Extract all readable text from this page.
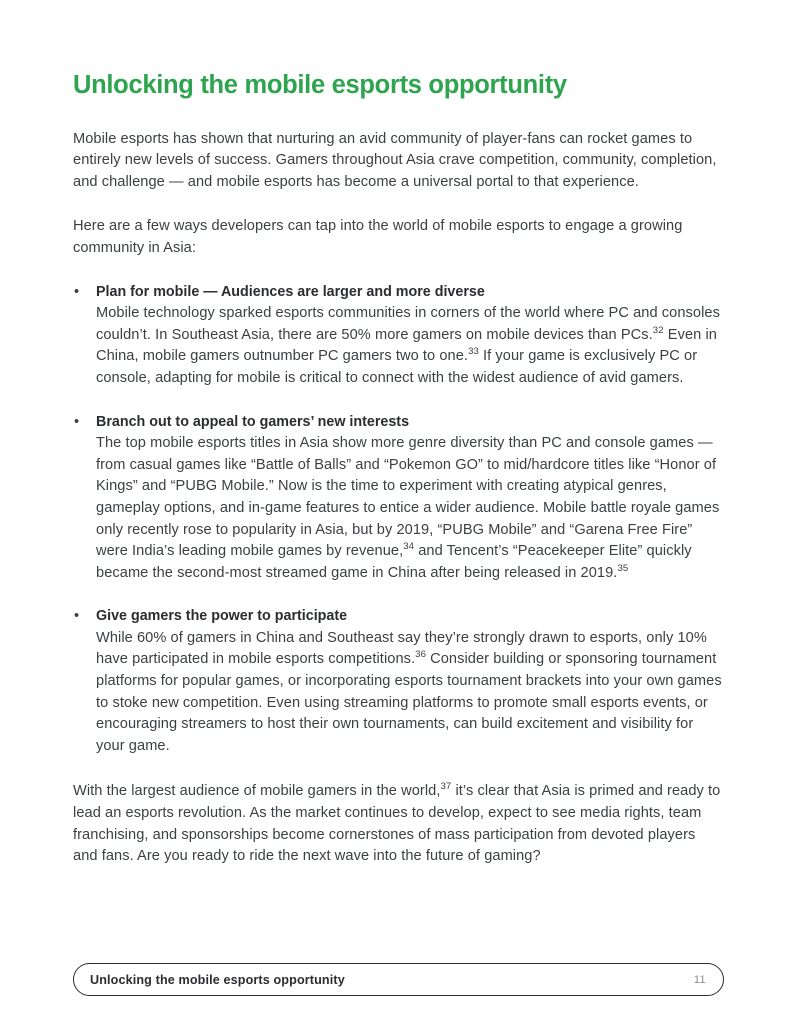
Unlocking the mobile esports opportunity

Mobile esports has shown that nurturing an avid community of player-fans can rocket games to entirely new levels of success. Gamers throughout Asia crave competition, community, completion, and challenge — and mobile esports has become a universal portal to that experience.

Here are a few ways developers can tap into the world of mobile esports to engage a growing community in Asia:

• Plan for mobile — Audiences are larger and more diverse

Mobile technology sparked esports communities in corners of the world where PC and consoles couldn’t. In Southeast Asia, there are 50% more gamers on mobile devices than PCs.$^{32}$ Even in China, mobile gamers outnumber PC gamers two to one.$^{33}$ If your game is exclusively PC or console, adapting for mobile is critical to connect with the widest audience of avid gamers.

• Branch out to appeal to gamers’ new interests

The top mobile esports titles in Asia show more genre diversity than PC and console games — from casual games like “Battle of Balls” and “Pokemon GO” to mid/hardcore titles like “Honor of Kings” and “PUBG Mobile.” Now is the time to experiment with creating atypical genres, gameplay options, and in-game features to entice a wider audience. Mobile battle royale games only recently rose to popularity in Asia, but by 2019, “PUBG Mobile” and “Garena Free Fire” were India’s leading mobile games by revenue,$^{34}$ and Tencent’s “Peacekeeper Elite” quickly became the second-most streamed game in China after being released in 2019.35

• Give gamers the power to participate

While 60% of gamers in China and Southeast say they’re strongly drawn to esports, only 10% have participated in mobile esports competitions.$^{36}$ Consider building or sponsoring tournament platforms for popular games, or incorporating esports tournament brackets into your own games to stoke new competition. Even using streaming platforms to promote small esports events, or encouraging streamers to host their own tournaments, can build excitement and visibility for your game.

With the largest audience of mobile gamers in the world,$^{37}$ it’s clear that Asia is primed and ready to lead an esports revolution. As the market continues to develop, expect to see media rights, team franchising, and sponsorships become cornerstones of mass participation from devoted players and fans. Are you ready to ride the next wave into the future of gaming?

Unlocking the mobile esports opportunity	11
